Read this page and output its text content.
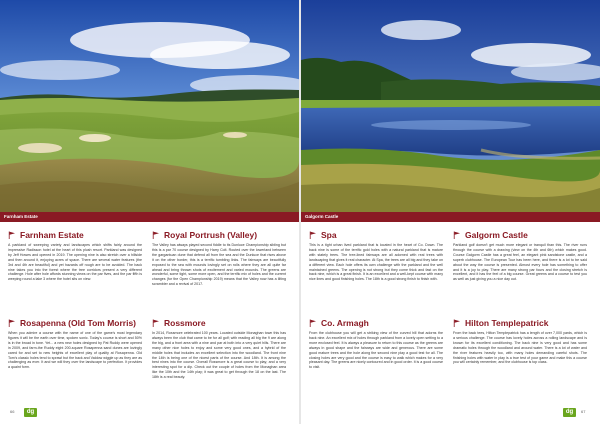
Farnham Estate
Farnham Estate
A parkland of sweeping variety and landscapes which shifts fairly around the impressive Radisson hotel at the heart of this plush resort. Parkland was designed by Jeff Howes and opened in 2019. The opening nine is also stretch over a hillside and then around it, enjoying acres of space. There are several water features (the 3rd and 4th are beautiful) and yet hazards off rough are to be avoided. The back nine takes you into the forest where the tree corridors present a very different challenge. Hole after hole affords stunning views on the par fives, and the par fifth is weeping round a lake 3 where the hotel sits on view.
Royal Portrush (Valley)
The Valley has always played second fiddle to its Dunluce Championship sibling but this is a par 70 course designed by Harry Colt. Routed over the lowerland between the gargantuan dune that defend all from the sea and the Dunluce that rises above it on the other border, this is a terrific tumbling links. The fairways are beautifully exposed to the sea with mounds lovingly set on rolls where they are all quite far ahead and bring thrown shots of excitement and varied mounds. The greens are wonderful, some tight, some more open, and the terrific mix of holes and the current changes (for the Open Championship 2019) means that the Valley now has a lilting scrambler and a revival of 2017.
Rosapenna (Old Tom Morris)
When you admire a course with the name of one of the game's most legendary figures it will be the earth over time, spoken sonic. Today's course is short and 50% is in the broad in tone. Yet... a new new holes designed by Pat Ruddy were opened in 2009, and farm-the Ruddy eight 200-square Rosapenna sand dunes are lovingly cared for and set to new heights of excellent play of quality at Rosapenna. Old Tom's classic holes tend to sprawl but the back and Valdow wiggle up as they are as challenging as ever. It and we will they over the landscape to perfection. It provides a quaint form.
Rossmore
In 2014, Rossmore celebrated 100 years. Located outside Monaghan town this has always been the club that came to be for all golf; with reading all big the 9 are along the big, and a front area with a nine and par at both into a very quiet hills. There are many other nice holes to enjoy and some very good ones, and a hybrid of the middle holes that includes an excellent selection into the woodland. The front nine the 14th is being one of the nicest parts of the course. And 18th. It is among the best nines into the course. Overall Rossmore is a great course to play; and a very interesting spot for a dip. Check out the couple of holes from the Monaghan area like the 10th and the 14th play; it was great to get through the 18 on the last. The 18th is a real beauty.
66	dg
Galgorm Castle
Spa
This is a tight urban lived parkland that is located in the heart of Co. Down. The back nine is some of the terrific gold holes with a natural parkland that is mature with stately trees. The tree-lined fairways are all adorned with real trees with landscaping that gives it real character. At Spa, the trees are all big and they take on a different view. Each hole offers its own challenge with the parkland and the well maintained greens. The opening is not strong but they come thick and fast on the back nine, which is a great finish. It is an excellent and a well-kept course with many nice lines and good finishing holes. The 18th is a good strong finish to finish with.
Galgorm Castle
Parkland golf doesn't get much more elegant or tranquil than this. The river runs through the course with a drawing (view on the 4th and 6th) which makes good. Course Galgorm Castle has a great feel, an elegant pink sandstone castle, and a superb clubhouse. The European Tour has been here, and there is a lot to be said about the way the course is presented. Almost every hole has something to offer and it is a joy to play. There are many strong par fours and the closing stretch is excellent, and it has the feel of a big course. Great greens and a course to test you as well as just giving you a nice day out.
Co. Armagh
From the clubhouse you will get a striking view of the curved hill that adorns the back nine. An excellent mix of holes through parkland from a lovely open setting to a more enclosed feel. It is always a pleasure to return to this course as the greens are always in good shape and the fairways are wide and generous. There are some good mature trees and the hole along the second nine play a good test for all. The closing holes are very good and the course is easy to walk which makes for a very pleasant day. The greens are nicely contoured and in good order. It is a good course to visit.
Hilton Templepatrick
From the back tees, Hilton Templepatrick has a length of over 7,000 yards, which is a serious challenge. The course has lovely holes across a rolling landscape and is known for its excellent conditioning. The back nine is very good and has some dramatic holes through the woodland and around water. There is a lot of water and the river features heavily too, with many holes demanding careful shots. The finishing holes with water in play is a true test of your game and make this a course you will certainly remember, and the clubhouse is top class.
dg	67
